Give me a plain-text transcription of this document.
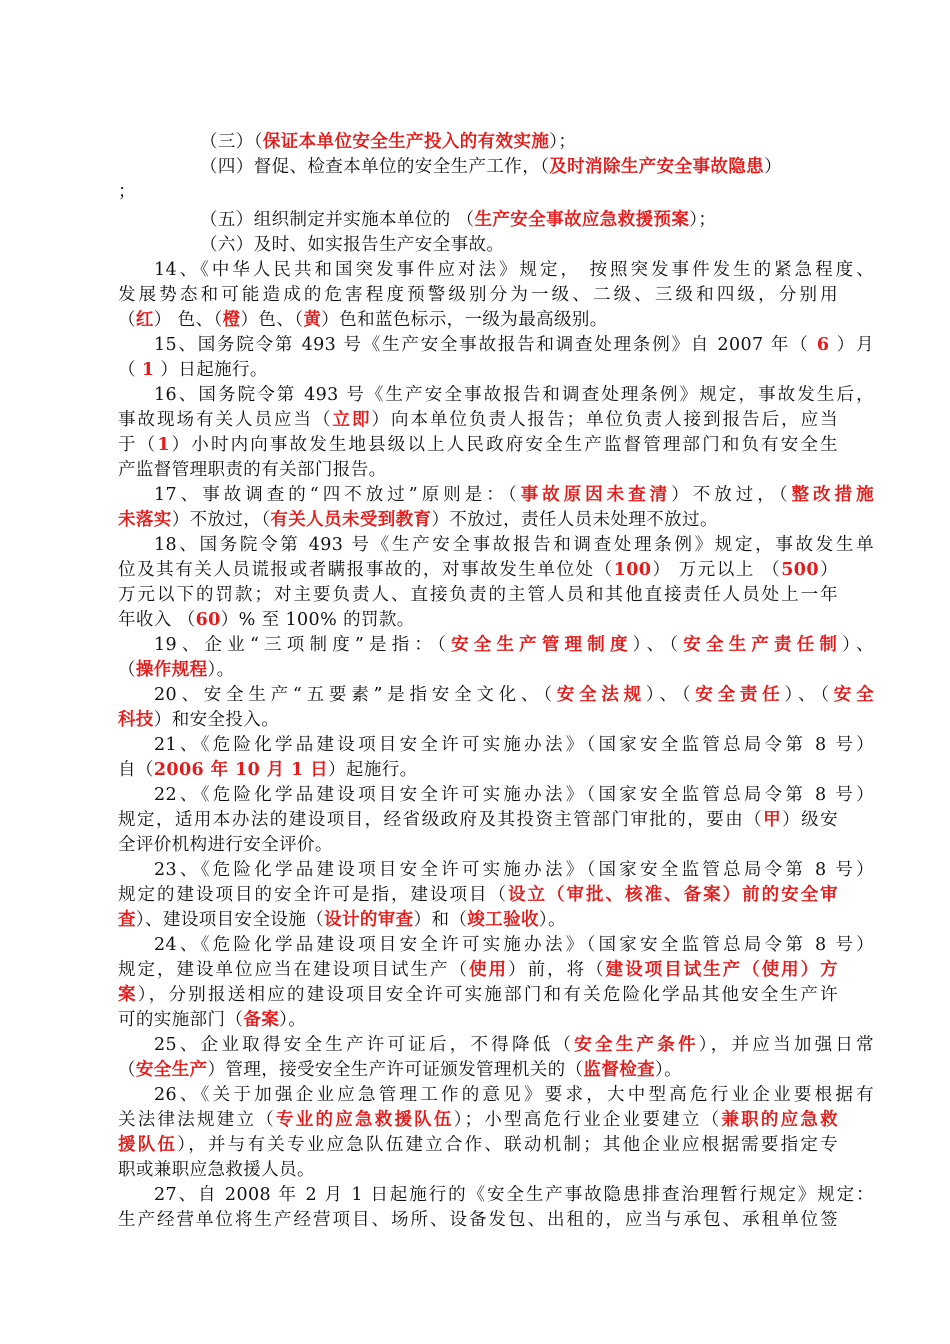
（三）（保证本单位安全生产投入的有效实施）；
（四）督促、检查本单位的安全生产工作，（及时消除生产安全事故隐患）
；
（五）组织制定并实施本单位的 （生产安全事故应急救援预案）；
（六）及时、如实报告生产安全事故。
14、《中华人民共和国突发事件应对法》规定， 按照突发事件发生的紧急程度、
发展势态和可能造成的危害程度预警级别分为一级、二级、三级和四级，分别用
（红） 色、（橙）色、（黄）色和蓝色标示，一级为最高级别。
15、国务院令第 493 号《生产安全事故报告和调查处理条例》自 2007 年（ 6 ）月
（ 1 ）日起施行。
16、国务院令第 493 号《生产安全事故报告和调查处理条例》规定，事故发生后，
事故现场有关人员应当（立即）向本单位负责人报告；单位负责人接到报告后，应当
于（1）小时内向事故发生地县级以上人民政府安全生产监督管理部门和负有安全生
产监督管理职责的有关部门报告。
17、事故调查的“四不放过”原则是：（事故原因未查清）不放过，（整改措施
未落实）不放过，（有关人员未受到教育）不放过，责任人员未处理不放过。
18、国务院令第 493 号《生产安全事故报告和调查处理条例》规定，事故发生单
位及其有关人员谎报或者瞒报事故的，对事故发生单位处（100） 万元以上 （500）
万元以下的罚款；对主要负责人、直接负责的主管人员和其他直接责任人员处上一年
年收入 （60）% 至 100% 的罚款。
19、企业“三项制度”是指：（安全生产管理制度）、（安全生产责任制）、
（操作规程）。
20、安全生产“五要素”是指安全文化、（安全法规）、（安全责任）、（安全
科技）和安全投入。
21、《危险化学品建设项目安全许可实施办法》（国家安全监管总局令第 8 号）
自（2006 年 10 月 1 日）起施行。
22、《危险化学品建设项目安全许可实施办法》（国家安全监管总局令第 8 号）
规定，适用本办法的建设项目，经省级政府及其投资主管部门审批的，要由（甲）级安
全评价机构进行安全评价。
23、《危险化学品建设项目安全许可实施办法》（国家安全监管总局令第 8 号）
规定的建设项目的安全许可是指，建设项目（设立（审批、核准、备案）前的安全审
查）、建设项目安全设施（设计的审查）和（竣工验收）。
24、《危险化学品建设项目安全许可实施办法》（国家安全监管总局令第 8 号）
规定，建设单位应当在建设项目试生产（使用）前，将（建设项目试生产（使用）方
案），分别报送相应的建设项目安全许可实施部门和有关危险化学品其他安全生产许
可的实施部门（备案）。
25、企业取得安全生产许可证后，不得降低（安全生产条件），并应当加强日常
（安全生产）管理，接受安全生产许可证颁发管理机关的（监督检查）。
26、《关于加强企业应急管理工作的意见》要求，大中型高危行业企业要根据有
关法律法规建立（专业的应急救援队伍）；小型高危行业企业要建立（兼职的应急救
援队伍），并与有关专业应急队伍建立合作、联动机制；其他企业应根据需要指定专
职或兼职应急救援人员。
27、自 2008 年 2 月 1 日起施行的《安全生产事故隐患排查治理暂行规定》规定：
生产经营单位将生产经营项目、场所、设备发包、出租的，应当与承包、承租单位签
